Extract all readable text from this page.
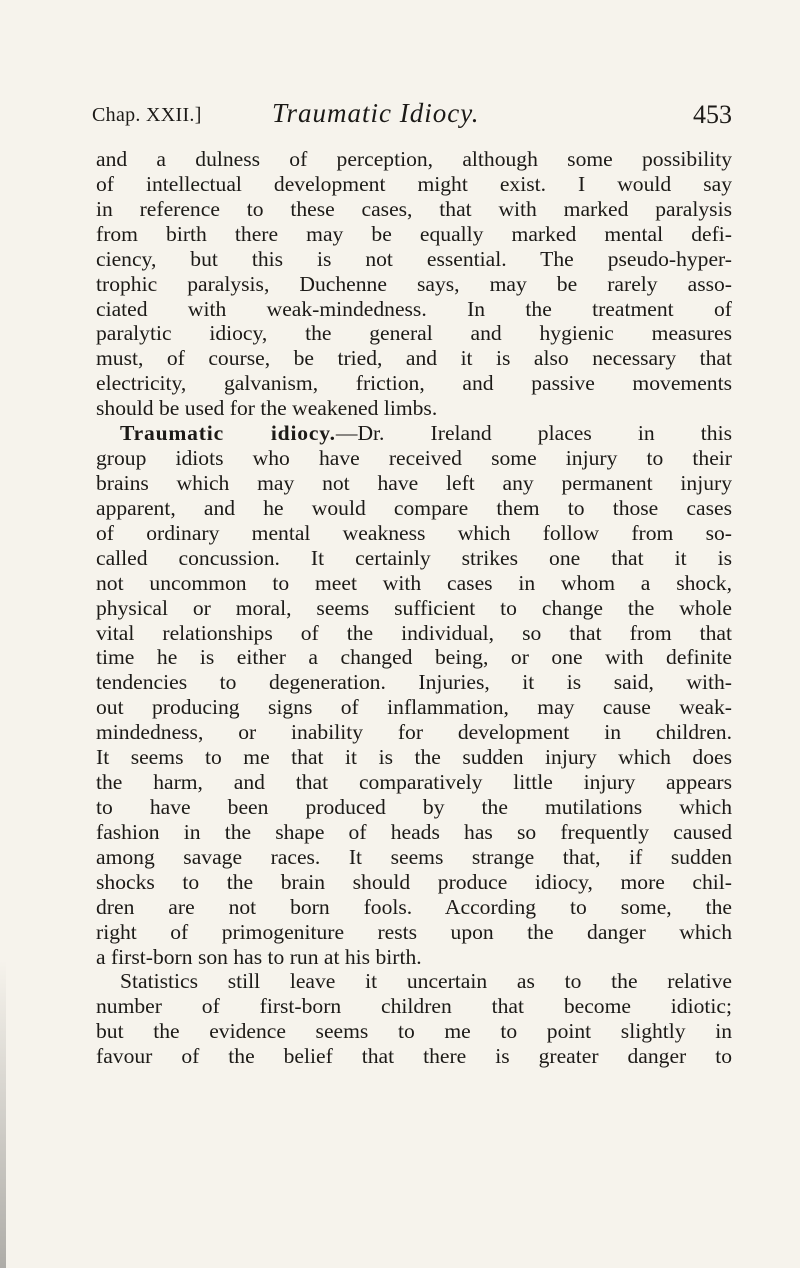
Chap. XXII.]	Traumatic Idiocy.	453
and a dulness of perception, although some possibility
of intellectual development might exist. I would say
in reference to these cases, that with marked paralysis
from birth there may be equally marked mental defi-
ciency, but this is not essential. The pseudo-hyper-
trophic paralysis, Duchenne says, may be rarely asso-
ciated with weak-mindedness. In the treatment of
paralytic idiocy, the general and hygienic measures
must, of course, be tried, and it is also necessary that
electricity, galvanism, friction, and passive movements
should be used for the weakened limbs.
Traumatic idiocy.—Dr. Ireland places in this
group idiots who have received some injury to their
brains which may not have left any permanent injury
apparent, and he would compare them to those cases
of ordinary mental weakness which follow from so-
called concussion. It certainly strikes one that it is
not uncommon to meet with cases in whom a shock,
physical or moral, seems sufficient to change the whole
vital relationships of the individual, so that from that
time he is either a changed being, or one with definite
tendencies to degeneration. Injuries, it is said, with-
out producing signs of inflammation, may cause weak-
mindedness, or inability for development in children.
It seems to me that it is the sudden injury which does
the harm, and that comparatively little injury appears
to have been produced by the mutilations which
fashion in the shape of heads has so frequently caused
among savage races. It seems strange that, if sudden
shocks to the brain should produce idiocy, more chil-
dren are not born fools. According to some, the
right of primogeniture rests upon the danger which
a first-born son has to run at his birth.
Statistics still leave it uncertain as to the relative
number of first-born children that become idiotic;
but the evidence seems to me to point slightly in
favour of the belief that there is greater danger to
